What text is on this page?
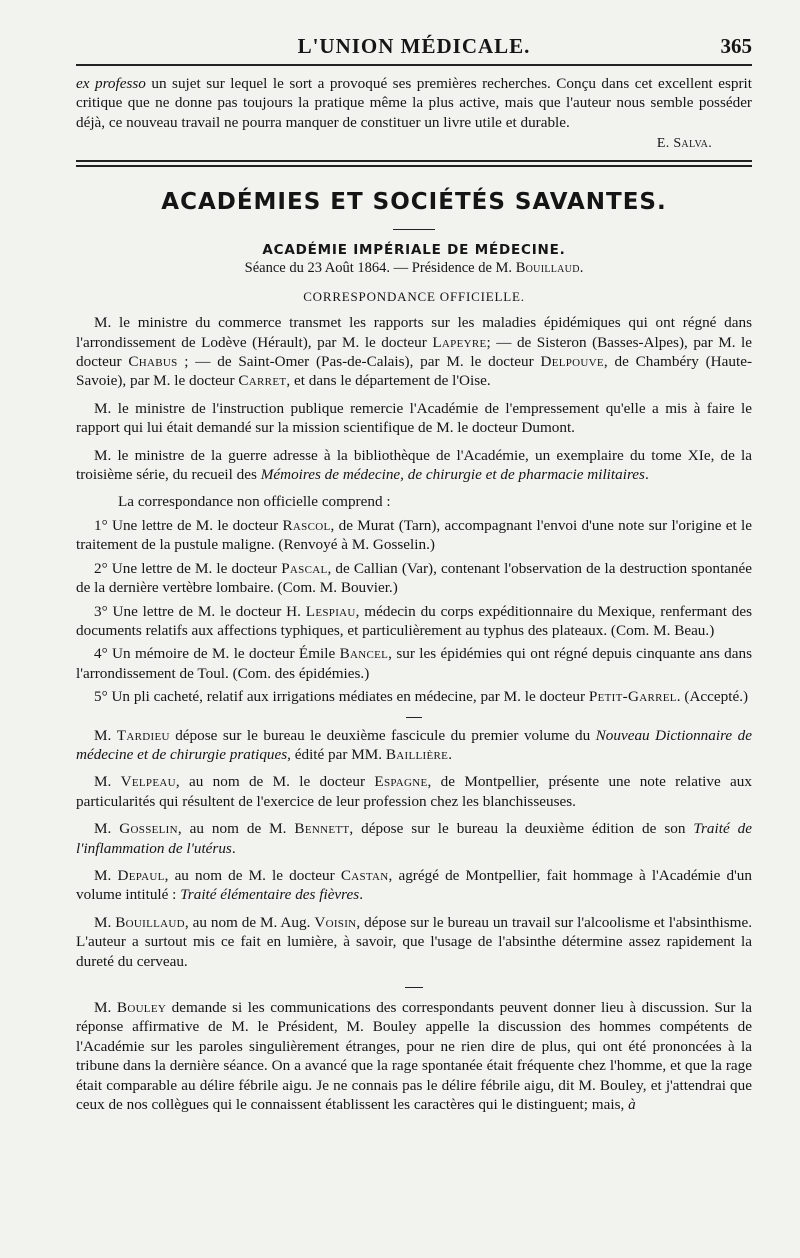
L'UNION MÉDICALE.	365

ex professo un sujet sur lequel le sort a provoqué ses premières recherches. Conçu dans cet excellent esprit critique que ne donne pas toujours la pratique même la plus active, mais que l'auteur nous semble posséder déjà, ce nouveau travail ne pourra manquer de constituer un livre utile et durable.

E. Salva.
ACADÉMIES ET SOCIÉTÉS SAVANTES.
ACADÉMIE IMPÉRIALE DE MÉDECINE.
Séance du 23 Août 1864. — Présidence de M. Bouillaud.
CORRESPONDANCE OFFICIELLE.

M. le ministre du commerce transmet les rapports sur les maladies épidémiques qui ont régné dans l'arrondissement de Lodève (Hérault), par M. le docteur Lapeyre; — de Sisteron (Basses-Alpes), par M. le docteur Chabus ; — de Saint-Omer (Pas-de-Calais), par M. le docteur Delpouve, de Chambéry (Haute-Savoie), par M. le docteur Carret, et dans le département de l'Oise.

M. le ministre de l'instruction publique remercie l'Académie de l'empressement qu'elle a mis à faire le rapport qui lui était demandé sur la mission scientifique de M. le docteur Dumont.

M. le ministre de la guerre adresse à la bibliothèque de l'Académie, un exemplaire du tome XIe, de la troisième série, du recueil des Mémoires de médecine, de chirurgie et de pharmacie militaires.

La correspondance non officielle comprend :

1° Une lettre de M. le docteur Rascol, de Murat (Tarn), accompagnant l'envoi d'une note sur l'origine et le traitement de la pustule maligne. (Renvoyé à M. Gosselin.)

2° Une lettre de M. le docteur Pascal, de Callian (Var), contenant l'observation de la destruction spontanée de la dernière vertèbre lombaire. (Com. M. Bouvier.)

3° Une lettre de M. le docteur H. Lespiau, médecin du corps expéditionnaire du Mexique, renfermant des documents relatifs aux affections typhiques, et particulièrement au typhus des plateaux. (Com. M. Beau.)

4° Un mémoire de M. le docteur Émile Bancel, sur les épidémies qui ont régné depuis cinquante ans dans l'arrondissement de Toul. (Com. des épidémies.)

5° Un pli cacheté, relatif aux irrigations médiates en médecine, par M. le docteur Petit-Garrel. (Accepté.)

M. Tardieu dépose sur le bureau le deuxième fascicule du premier volume du Nouveau Dictionnaire de médecine et de chirurgie pratiques, édité par MM. Baillière.

M. Velpeau, au nom de M. le docteur Espagne, de Montpellier, présente une note relative aux particularités qui résultent de l'exercice de leur profession chez les blanchisseuses.

M. Gosselin, au nom de M. Bennett, dépose sur le bureau la deuxième édition de son Traité de l'inflammation de l'utérus.

M. Depaul, au nom de M. le docteur Castan, agrégé de Montpellier, fait hommage à l'Académie d'un volume intitulé : Traité élémentaire des fièvres.

M. Bouillaud, au nom de M. Aug. Voisin, dépose sur le bureau un travail sur l'alcoolisme et l'absinthisme. L'auteur a surtout mis ce fait en lumière, à savoir, que l'usage de l'absinthe détermine assez rapidement la dureté du cerveau.

M. Bouley demande si les communications des correspondants peuvent donner lieu à discussion. Sur la réponse affirmative de M. le Président, M. Bouley appelle la discussion des hommes compétents de l'Académie sur les paroles singulièrement étranges, pour ne rien dire de plus, qui ont été prononcées à la tribune dans la dernière séance. On a avancé que la rage spontanée était fréquente chez l'homme, et que la rage était comparable au délire fébrile aigu. Je ne connais pas le délire fébrile aigu, dit M. Bouley, et j'attendrai que ceux de nos collègues qui le connaissent établissent les caractères qui le distinguent; mais, à
